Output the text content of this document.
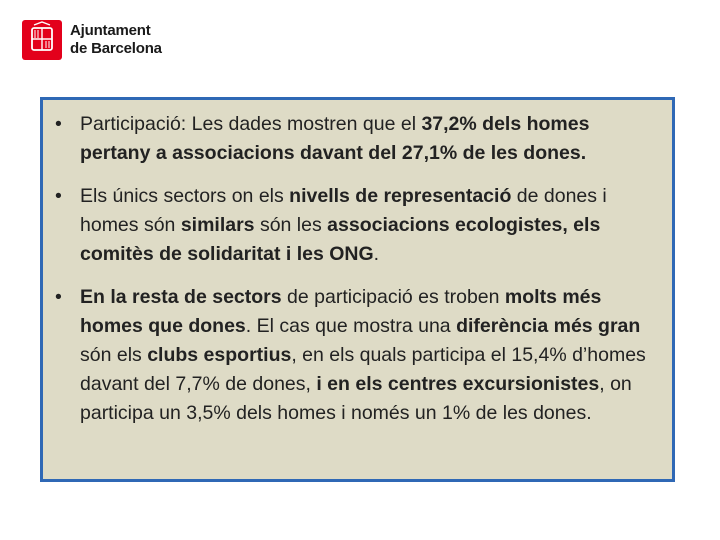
Ajuntament
de Barcelona
• Participació: Les dades mostren que el 37,2% dels homes pertany a associacions davant del 27,1% de les dones.
• Els únics sectors on els nivells de representació de dones i homes són similars són les associacions ecologistes, els comitès de solidaritat i les ONG.
• En la resta de sectors de participació es troben molts més homes que dones. El cas que mostra una diferència més gran són els clubs esportius, en els quals participa el 15,4% d’homes davant del 7,7% de dones, i en els centres excursionistes, on participa un 3,5% dels homes i només un 1% de les dones.
